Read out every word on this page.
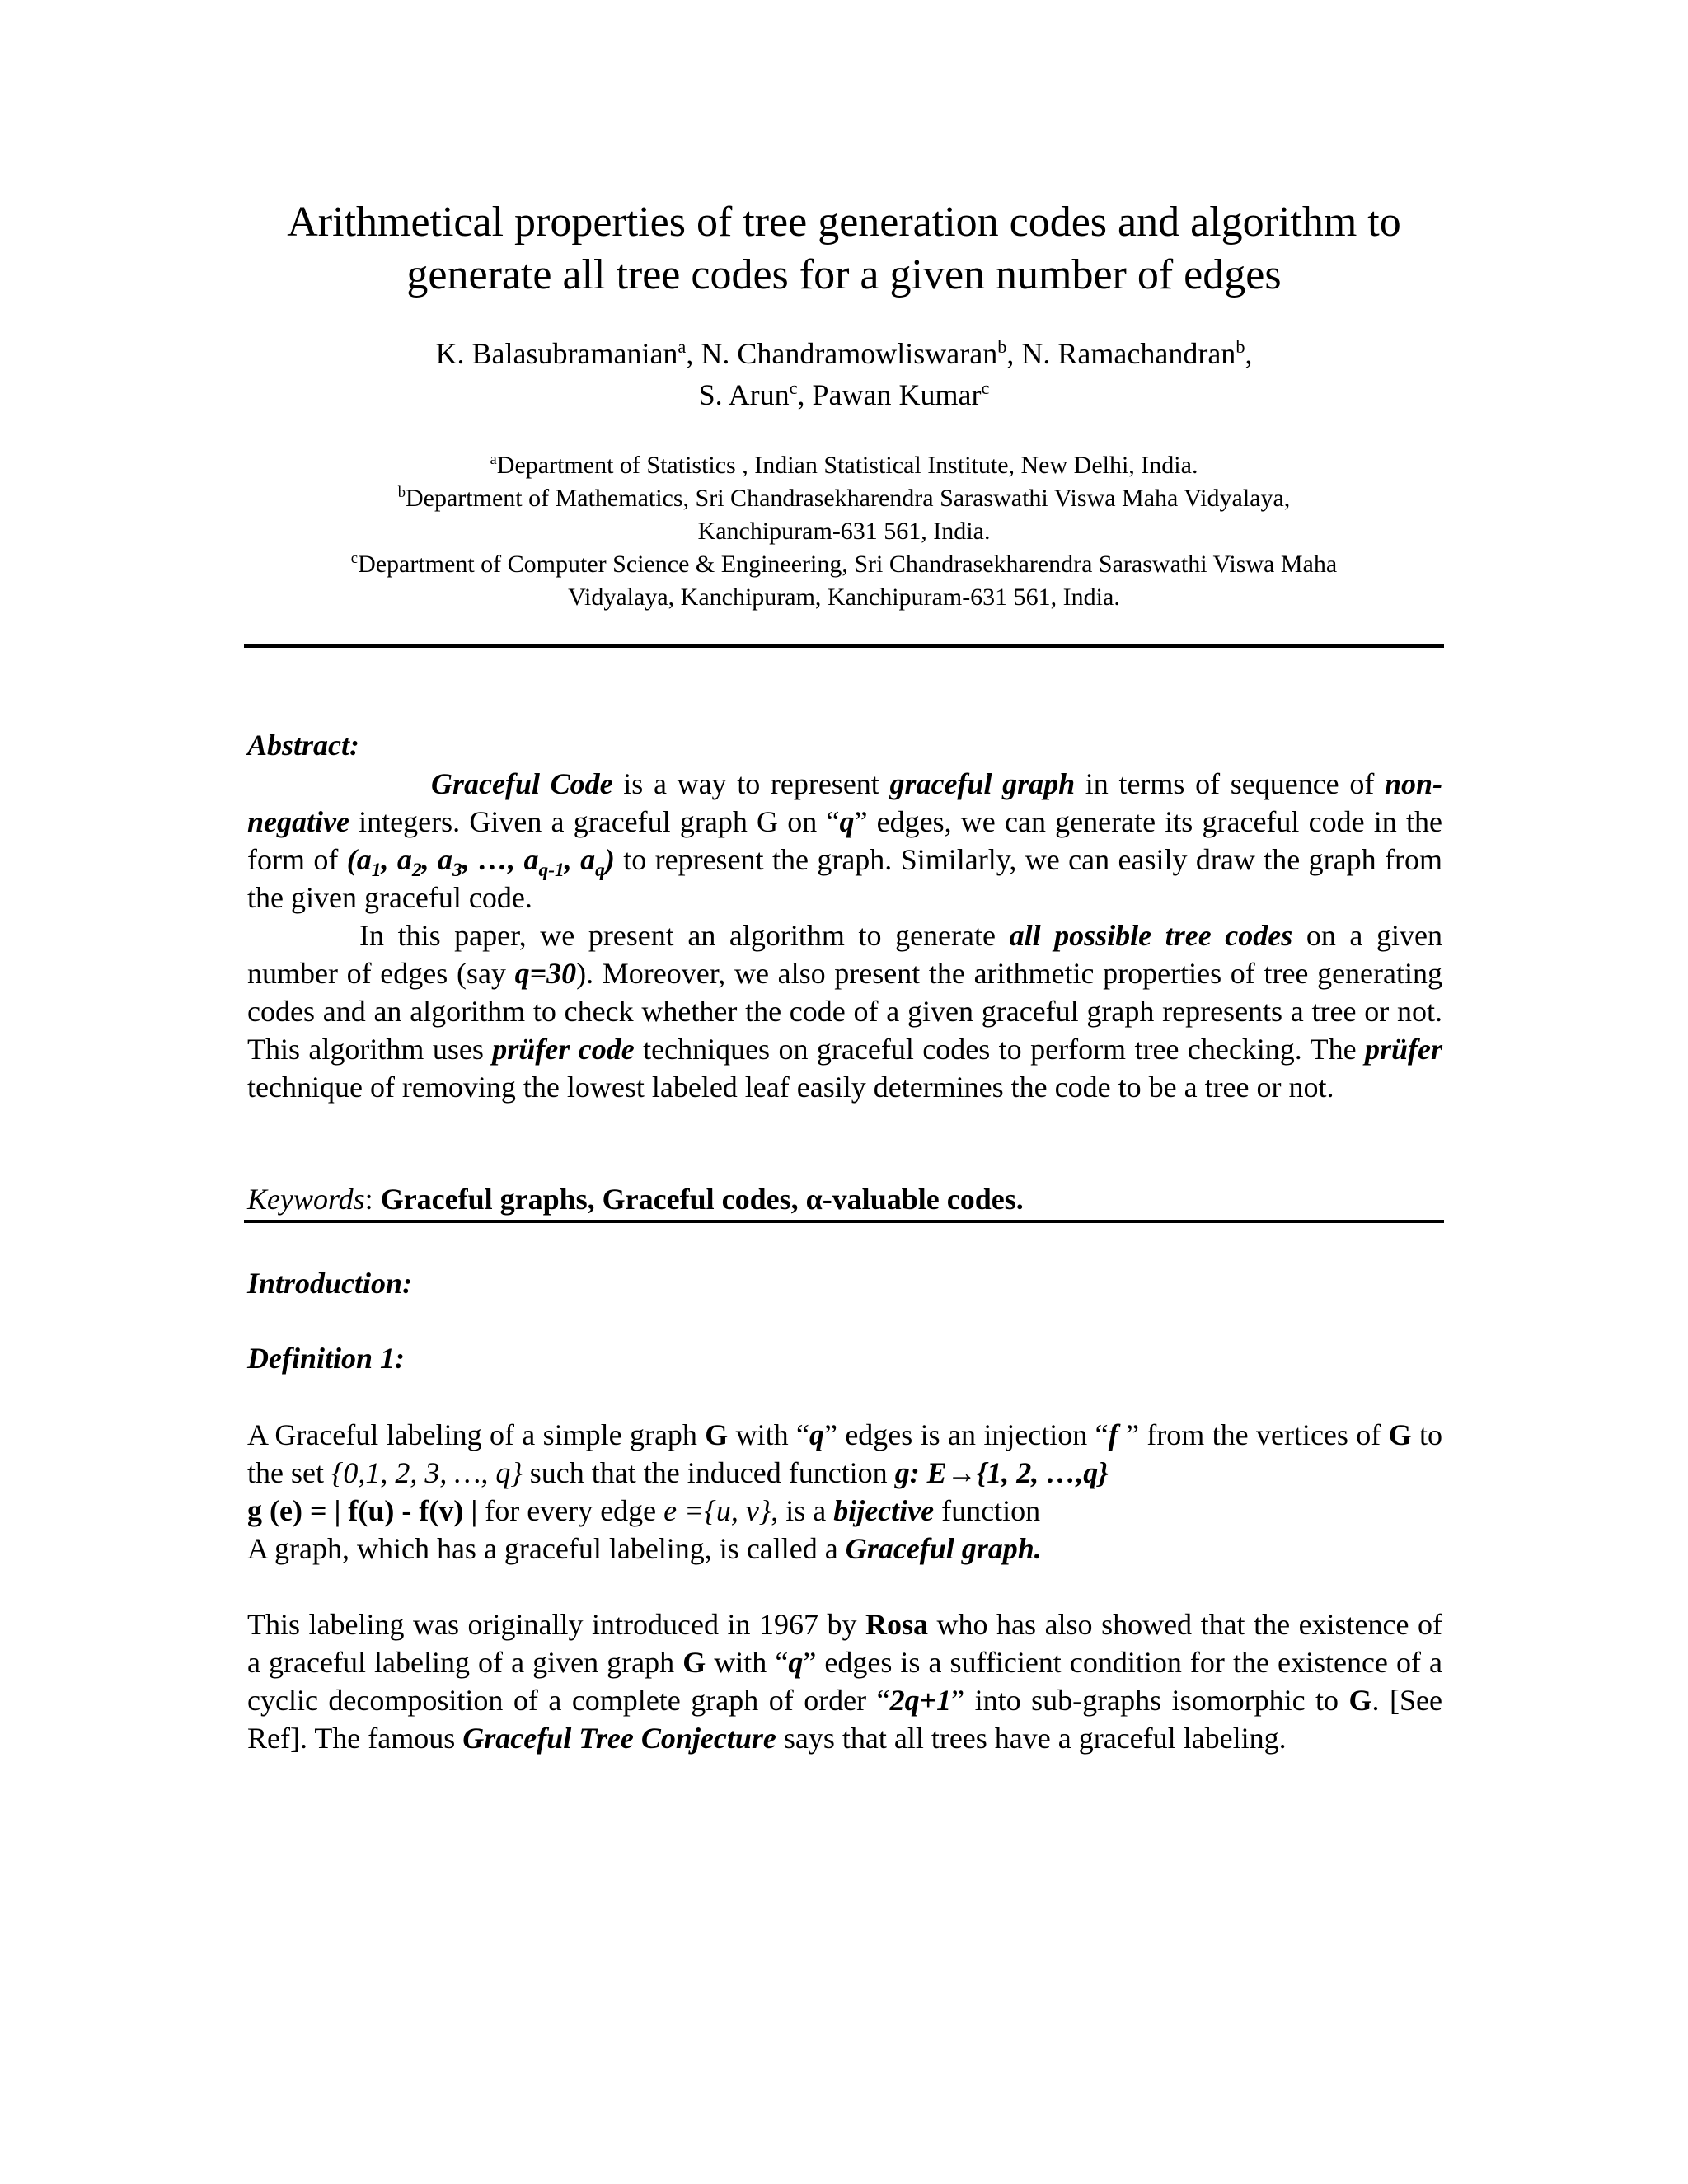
Arithmetical properties of tree generation codes and algorithm to
generate all tree codes for a given number of edges
K. Balasubramanian$^a$, N. Chandramowliswaran$^b$, N. Ramachandran$^b$,
S. Arun$^c$, Pawan Kumar$^c$
$^a$Department of Statistics , Indian Statistical Institute, New Delhi, India.
$^b$Department of Mathematics, Sri Chandrasekharendra Saraswathi Viswa Maha Vidyalaya,
Kanchipuram-631 561, India.
$^c$Department of Computer Science & Engineering, Sri Chandrasekharendra Saraswathi Viswa Maha
Vidyalaya, Kanchipuram, Kanchipuram-631 561, India.
Abstract:
Graceful Code is a way to represent graceful graph in terms of sequence of non-negative integers. Given a graceful graph G on “q” edges, we can generate its graceful code in the form of ($a_1$, $a_2$, $a_3$, …, $a_{q-1}$, $a_q$) to represent the graph. Similarly, we can easily draw the graph from the given graceful code.
In this paper, we present an algorithm to generate all possible tree codes on a given number of edges (say q=30). Moreover, we also present the arithmetic properties of tree generating codes and an algorithm to check whether the code of a given graceful graph represents a tree or not. This algorithm uses prüfer code techniques on graceful codes to perform tree checking. The prüfer technique of removing the lowest labeled leaf easily determines the code to be a tree or not.
Keywords: Graceful graphs, Graceful codes, α-valuable codes.
Introduction:
Definition 1:
A Graceful labeling of a simple graph G with “q” edges is an injection “f ” from the vertices of G to the set {0,1, 2, 3, …, q} such that the induced function g: E→{1, 2, …,q}
g (e) = | f(u) - f(v) | for every edge e ={u, v}, is a bijective function
A graph, which has a graceful labeling, is called a Graceful graph.
This labeling was originally introduced in 1967 by Rosa who has also showed that the existence of a graceful labeling of a given graph G with “q” edges is a sufficient condition for the existence of a cyclic decomposition of a complete graph of order “2q+1” into sub-graphs isomorphic to G. [See Ref]. The famous Graceful Tree Conjecture says that all trees have a graceful labeling.
